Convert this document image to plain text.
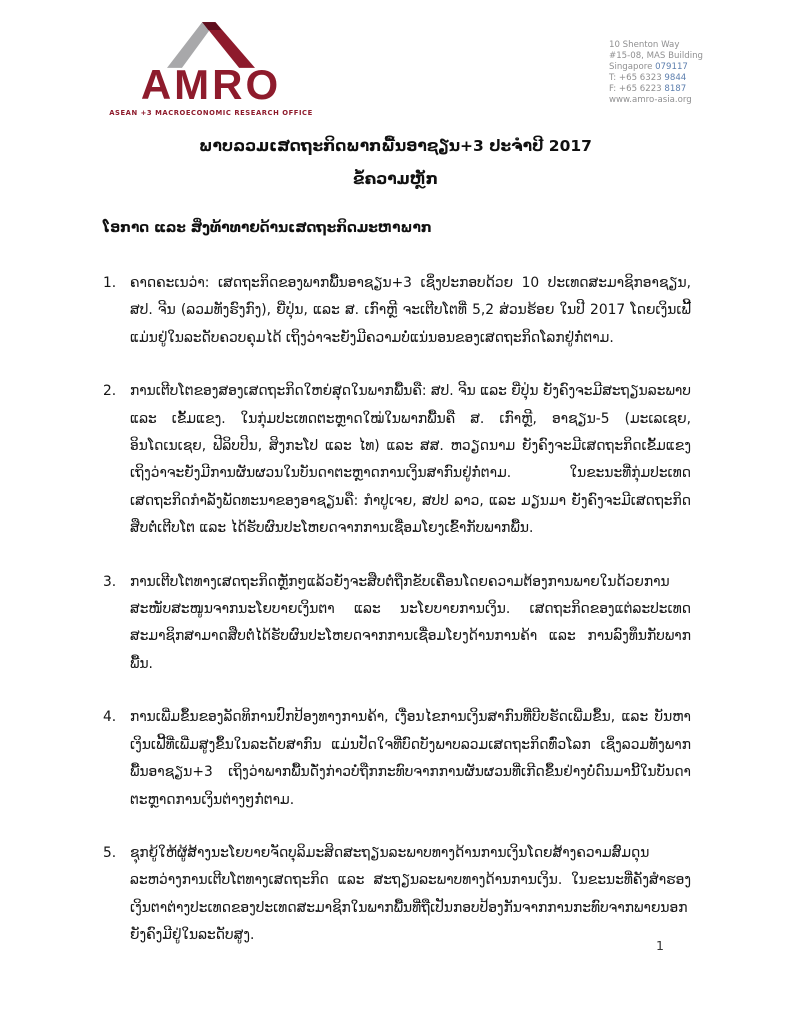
AMRO
ASEAN +3 MACROECONOMIC RESEARCH OFFICE
10 Shenton Way
#15-08, MAS Building
Singapore 079117
T: +65 6323 9844
F: +65 6223 8187
www.amro-asia.org
ພາບລວມເສດຖະກິດພາກພື້ນອາຊຽນ+3 ປະຈຳປີ 2017
ຂໍ້ຄວາມຫຼັກ
ໂອກາດ ແລະ ສິ່ງທ້າທາຍດ້ານເສດຖະກິດມະຫາພາກ
1.	ຄາດຄະເນວ່າ: ເສດຖະກິດຂອງພາກພື້ນອາຊຽນ+3 ເຊິ່ງປະກອບດ້ວຍ 10 ປະເທດສະມາຊິກອາຊຽນ, ສປ. ຈີນ (ລວມທັງຮົງກົງ), ຍີ່ປຸ່ນ, ແລະ ສ. ເກົາຫຼີ ຈະເຕີບໂຕທີ່ 5,2 ສ່ວນຮ້ອຍ ໃນປີ 2017 ໂດຍເງິນເຟີ້ແມ່ນຢູ່ໃນລະດັບຄວບຄຸມໄດ້ ເຖິງວ່າຈະຍັງມີຄວາມບໍ່ແນ່ນອນຂອງເສດຖະກິດໂລກຢູ່ກໍ່ຕາມ.

2.	ການເຕີບໂຕຂອງສອງເສດຖະກິດໃຫຍ່ສຸດໃນພາກພື້ນຄື: ສປ. ຈີນ ແລະ ຍີ່ປຸ່ນ ຍັງຄົງຈະມີສະຖຽນລະພາບ ແລະ ເຂັ້ມແຂງ. ໃນກຸ່ມປະເທດຕະຫຼາດໃໝ່ໃນພາກພື້ນຄື ສ. ເກົາຫຼີ, ອາຊຽນ-5 (ມະເລເຊຍ, ອິນໂດເນເຊຍ, ຟີລິບປິນ, ສິງກະໂປ ແລະ ໄທ) ແລະ ສສ. ຫວຽດນາມ ຍັງຄົງຈະມີເສດຖະກິດເຂັ້ມແຂງ ເຖິງວ່າຈະຍັງມີການຜັນຜວນໃນບັນດາຕະຫຼາດການເງິນສາກົນຢູ່ກໍ່ຕາມ. ໃນຂະນະທີ່ກຸ່ມປະເທດເສດຖະກິດກຳລັງພັດທະນາຂອງອາຊຽນຄື: ກຳປູເຈຍ, ສປປ ລາວ, ແລະ ມຽນມາ ຍັງຄົງຈະມີເສດຖະກິດສືບຕໍ່ເຕີບໂຕ ແລະ ໄດ້ຮັບຜົນປະໂຫຍດຈາກການເຊື່ອມໂຍງເຂົ້າກັບພາກພື້ນ.

3.	ການເຕີບໂຕທາງເສດຖະກິດຫຼັກໆແລ້ວຍັງຈະສືບຕໍ່ຖືກຂັບເຄື່ອນໂດຍຄວາມຕ້ອງການພາຍໃນດ້ວຍການສະໜັບສະໜູນຈາກນະໂຍບາຍເງິນຕາ ແລະ ນະໂຍບາຍການເງິນ. ເສດຖະກິດຂອງແຕ່ລະປະເທດສະມາຊິກສາມາດສືບຕໍ່ໄດ້ຮັບຜົນປະໂຫຍດຈາກການເຊື່ອມໂຍງດ້ານການຄ້າ ແລະ ການລົງທຶນກັບພາກພື້ນ.

4.	ການເພີ່ມຂຶ້ນຂອງລັດທິການປົກປ້ອງທາງການຄ້າ, ເງື່ອນໄຂການເງິນສາກົນທີ່ບີບຮັດເພີ່ມຂຶ້ນ, ແລະ ບັນຫາເງິນເຟີ້ທີ່ເພີ່ມສູງຂຶ້ນໃນລະດັບສາກົນ ແມ່ນປັດໃຈທີ່ບົດບັງພາບລວມເສດຖະກິດທົ່ວໂລກ ເຊິ່ງລວມທັງພາກພື້ນອາຊຽນ+3 ເຖິງວ່າພາກພື້ນດັ່ງກ່າວບໍ່ຖືກກະທົບຈາກການຜັນຜວນທີ່ເກີດຂຶ້ນຢ່າງບໍ່ດົນມານີ້ໃນບັນດາຕະຫຼາດການເງິນຕ່າງໆກໍ່ຕາມ.

5.	ຊຸກຍູ້ໃຫ້ຜູ້ສ້າງນະໂຍບາຍຈັດບຸລິມະສິດສະຖຽນລະພາບທາງດ້ານການເງິນໂດຍສ້າງຄວາມສົມດຸນລະຫວ່າງການເຕີບໂຕທາງເສດຖະກິດ ແລະ ສະຖຽນລະພາບທາງດ້ານການເງິນ. ໃນຂະນະທີ່ຄັງສຳຮອງເງິນຕາຕ່າງປະເທດຂອງປະເທດສະມາຊິກໃນພາກພື້ນທີ່ຖືເປັນກອບປ້ອງກັນຈາກການກະທົບຈາກພາຍນອກຍັງຄົງມີຢູ່ໃນລະດັບສູງ.

1
